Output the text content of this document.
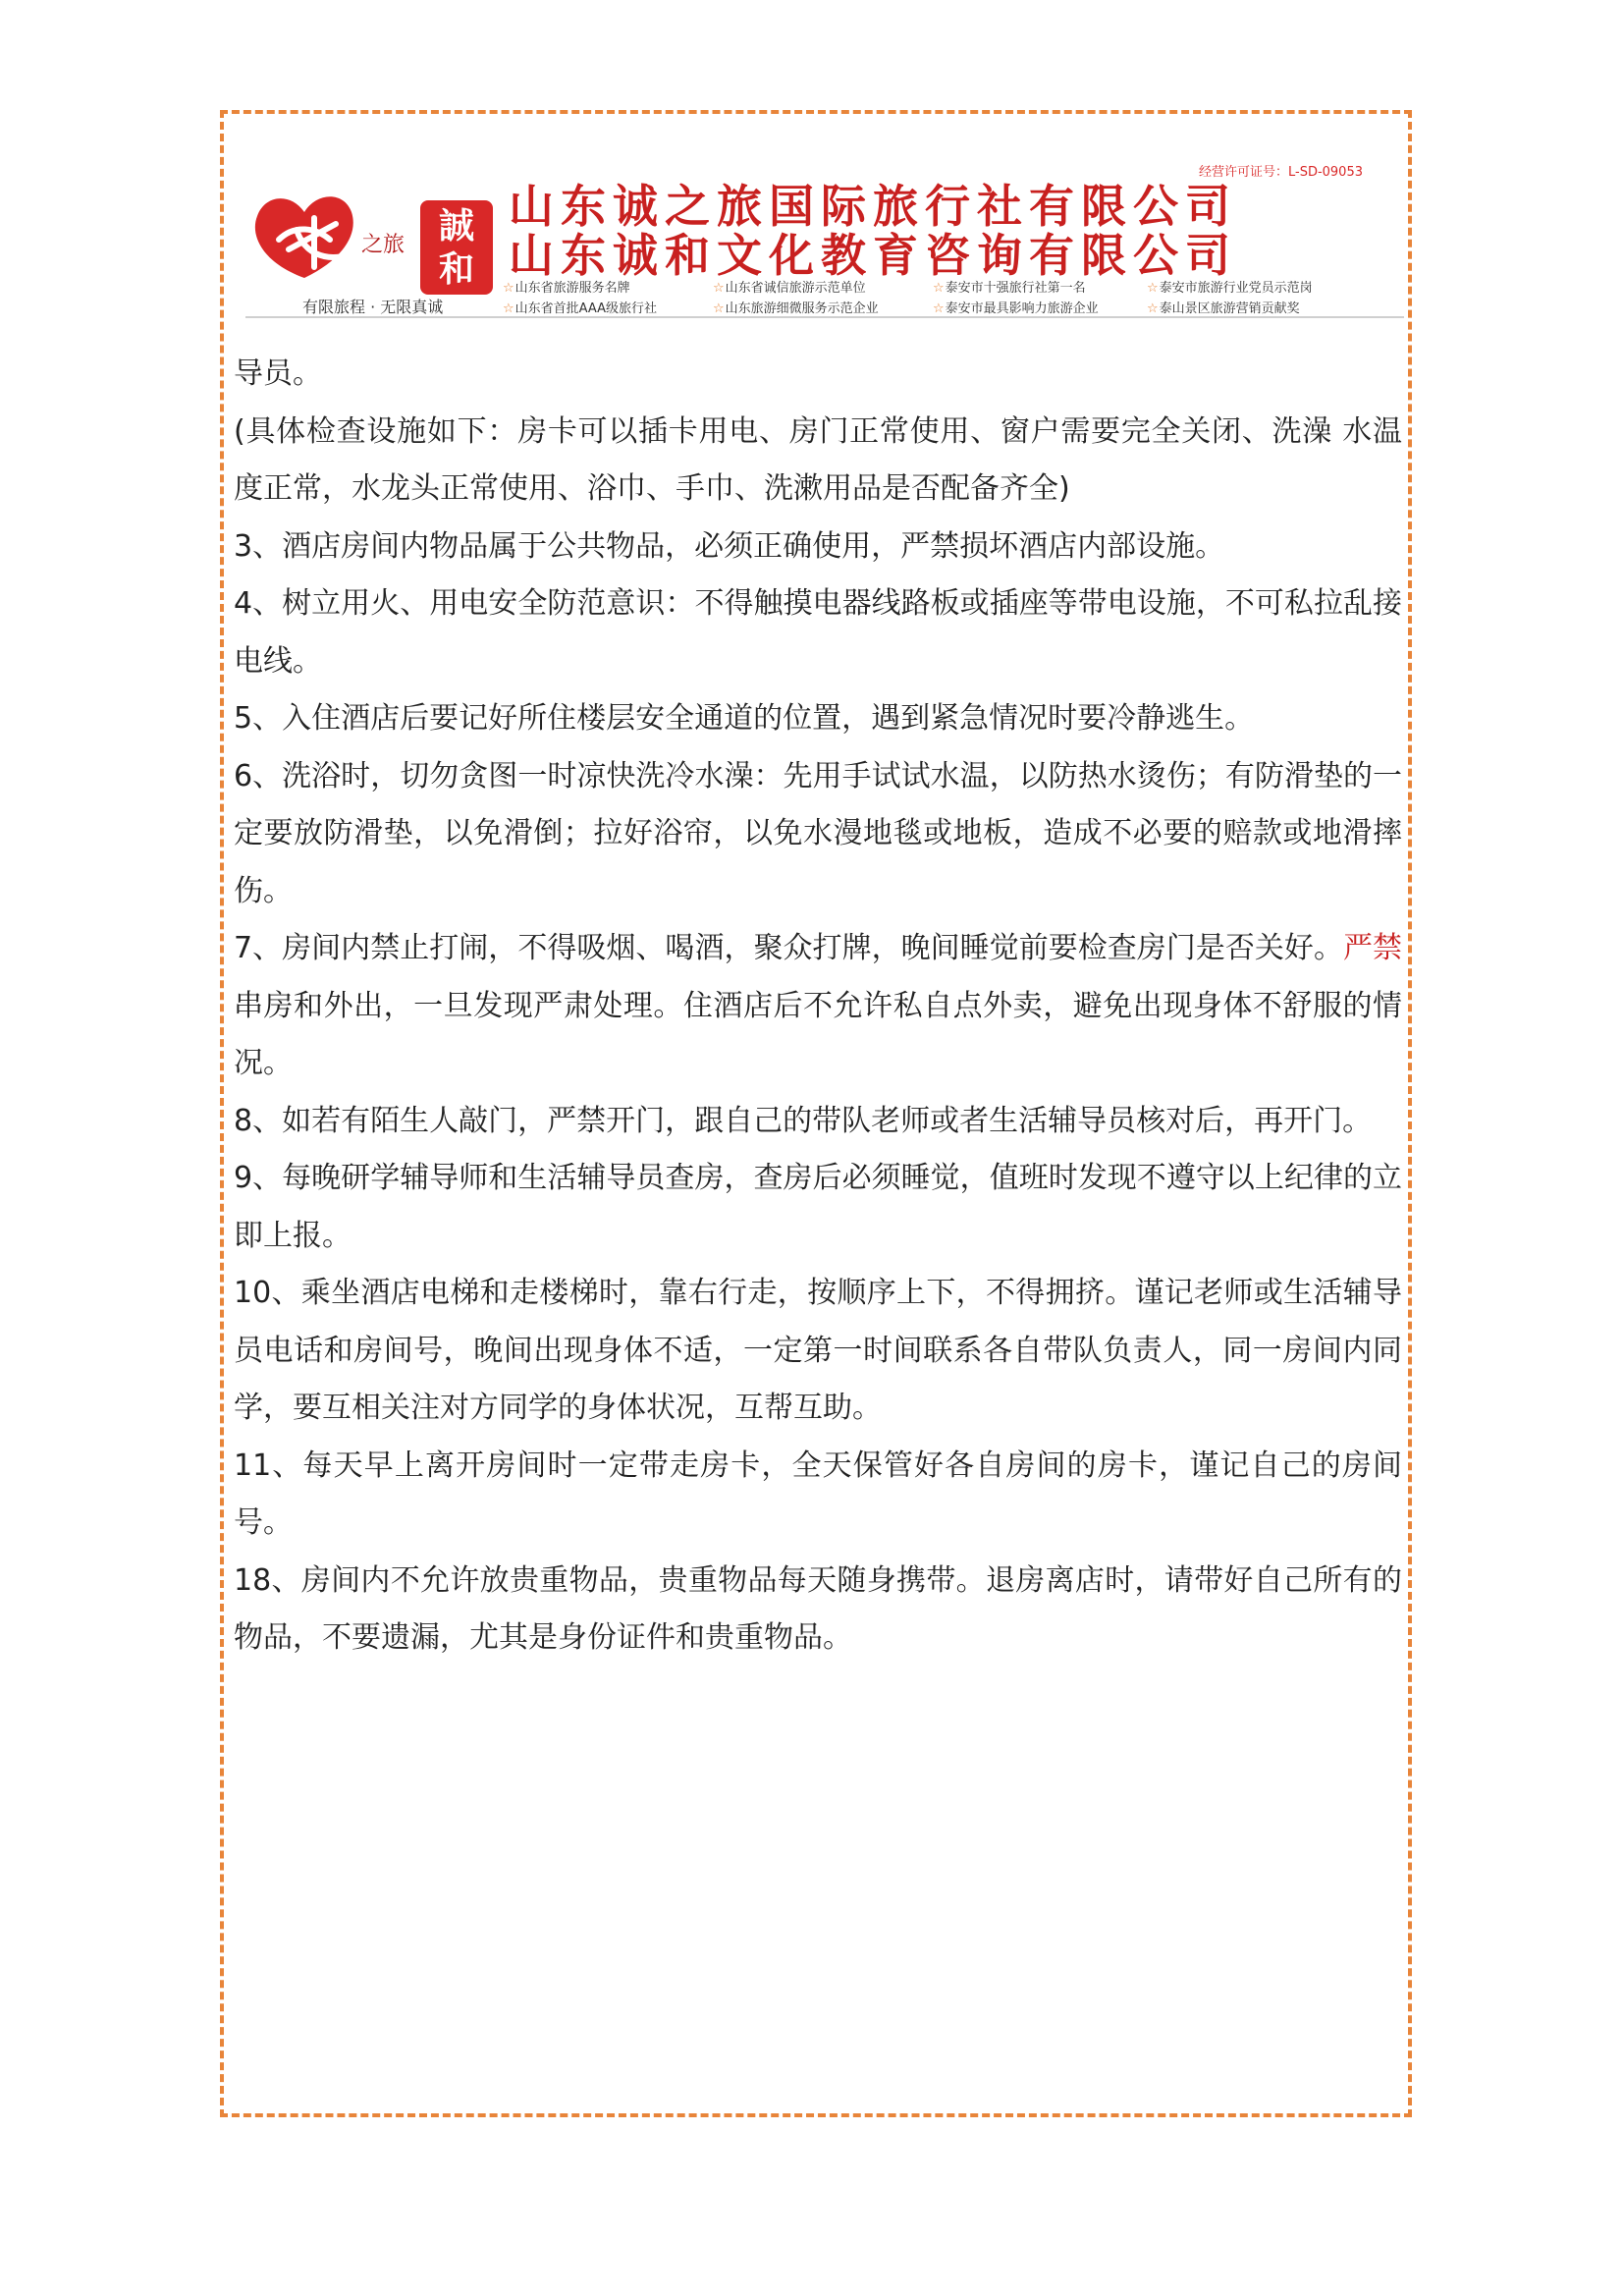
之旅
有限旅程 · 无限真诚
誠
和
经营许可证号：L-SD-09053
山东诚之旅国际旅行社有限公司
山东诚和文化教育咨询有限公司
☆ 山东省旅游服务名牌	☆ 山东省诚信旅游示范单位	☆ 泰安市十强旅行社第一名	☆ 泰安市旅游行业党员示范岗
☆ 山东省首批AAA级旅行社	☆ 山东旅游细微服务示范企业	☆ 泰安市最具影响力旅游企业	☆ 泰山景区旅游营销贡献奖

导员。

(具体检查设施如下：房卡可以插卡用电、房门正常使用、窗户需要完全关闭、洗澡 水温度正常，水龙头正常使用、浴巾、手巾、洗漱用品是否配备齐全)

3、酒店房间内物品属于公共物品，必须正确使用，严禁损坏酒店内部设施。

4、树立用火、用电安全防范意识：不得触摸电器线路板或插座等带电设施，不可私拉乱接电线。

5、入住酒店后要记好所住楼层安全通道的位置，遇到紧急情况时要冷静逃生。

6、洗浴时，切勿贪图一时凉快洗冷水澡：先用手试试水温，以防热水烫伤；有防滑垫的一定要放防滑垫，以免滑倒；拉好浴帘，以免水漫地毯或地板，造成不必要的赔款或地滑摔伤。

7、房间内禁止打闹，不得吸烟、喝酒，聚众打牌，晚间睡觉前要检查房门是否关好。严禁串房和外出，一旦发现严肃处理。住酒店后不允许私自点外卖，避免出现身体不舒服的情况。

8、如若有陌生人敲门，严禁开门，跟自己的带队老师或者生活辅导员核对后，再开门。

9、每晚研学辅导师和生活辅导员查房，查房后必须睡觉，值班时发现不遵守以上纪律的立即上报。

10、乘坐酒店电梯和走楼梯时，靠右行走，按顺序上下，不得拥挤。谨记老师或生活辅导员电话和房间号，晚间出现身体不适，一定第一时间联系各自带队负责人，同一房间内同学，要互相关注对方同学的身体状况，互帮互助。

11、每天早上离开房间时一定带走房卡，全天保管好各自房间的房卡，谨记自己的房间号。

18、房间内不允许放贵重物品，贵重物品每天随身携带。退房离店时，请带好自己所有的物品，不要遗漏，尤其是身份证件和贵重物品。
